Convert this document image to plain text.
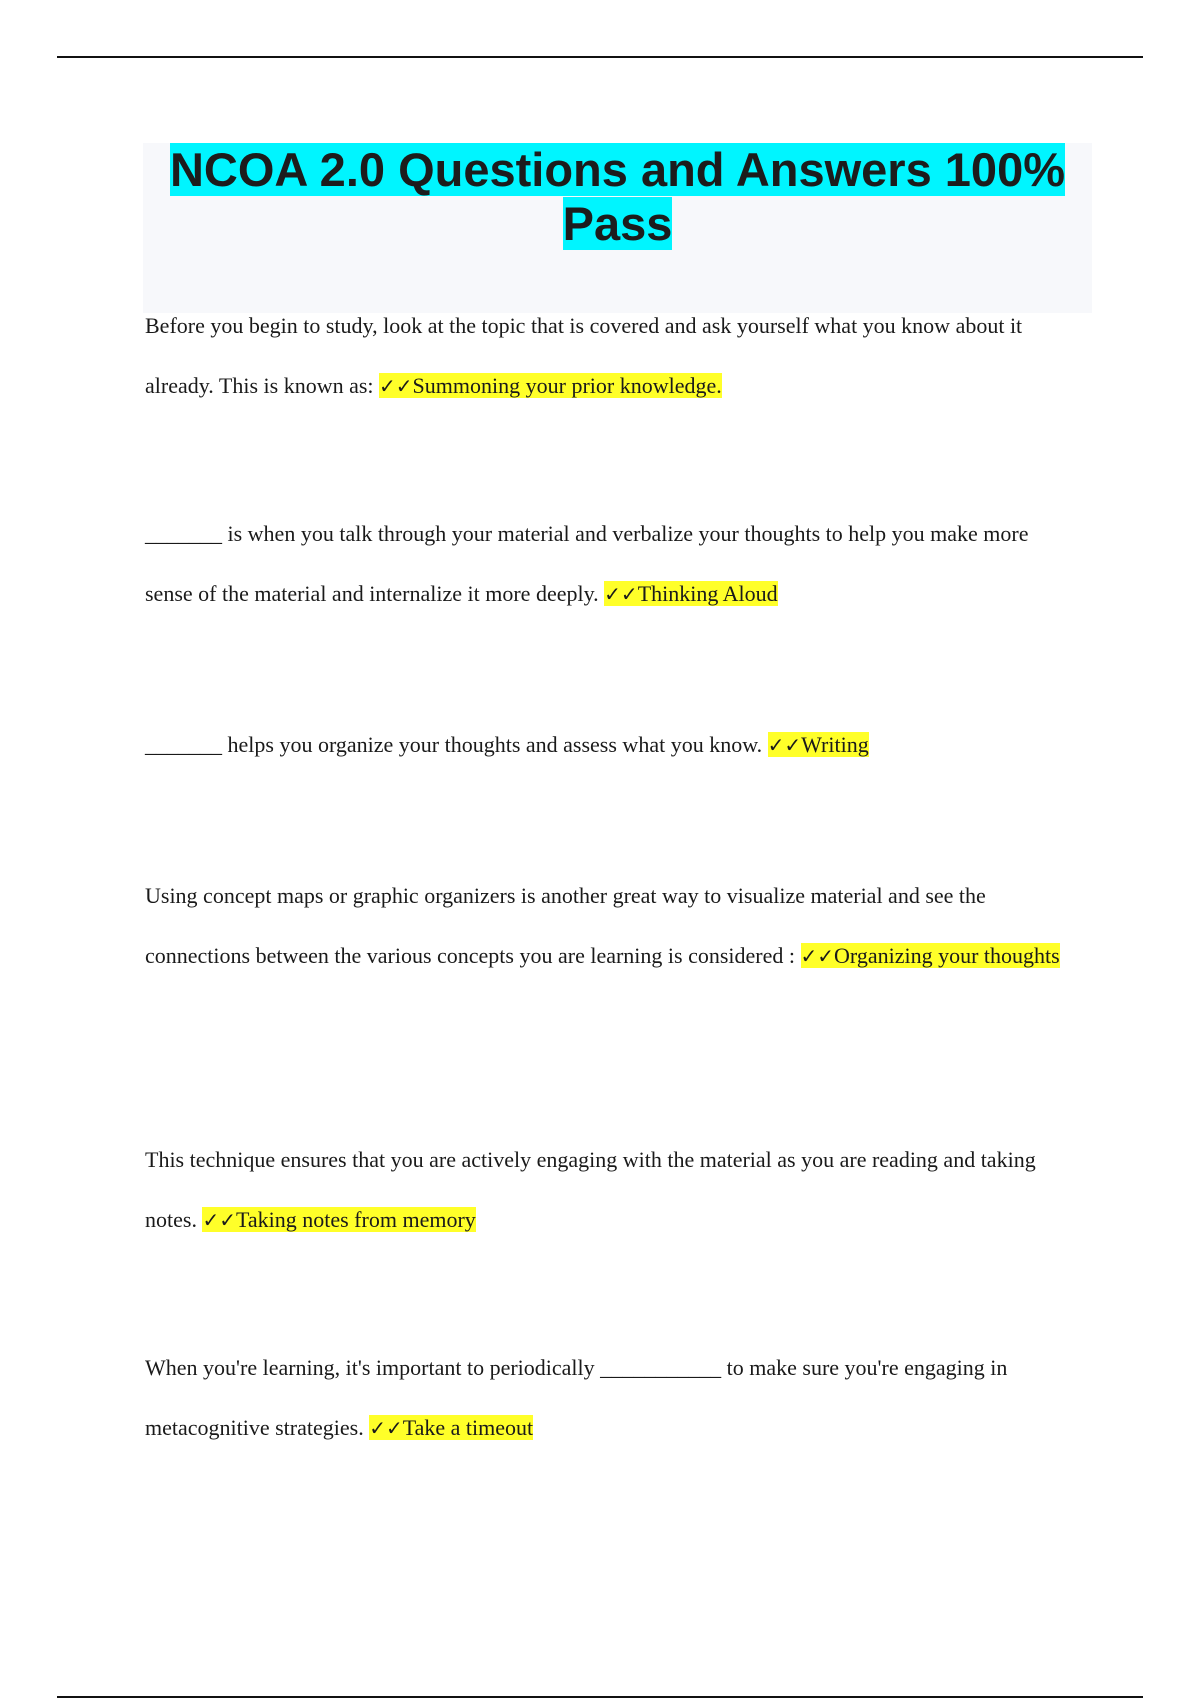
NCOA 2.0 Questions and Answers 100% Pass

Before you begin to study, look at the topic that is covered and ask yourself what you know about it already. This is known as: ✓✓Summoning your prior knowledge.

_______ is when you talk through your material and verbalize your thoughts to help you make more sense of the material and internalize it more deeply. ✓✓Thinking Aloud

_______ helps you organize your thoughts and assess what you know. ✓✓Writing

Using concept maps or graphic organizers is another great way to visualize material and see the connections between the various concepts you are learning is considered : ✓✓Organizing your thoughts

This technique ensures that you are actively engaging with the material as you are reading and taking notes. ✓✓Taking notes from memory

When you're learning, it's important to periodically ___________ to make sure you're engaging in metacognitive strategies. ✓✓Take a timeout
